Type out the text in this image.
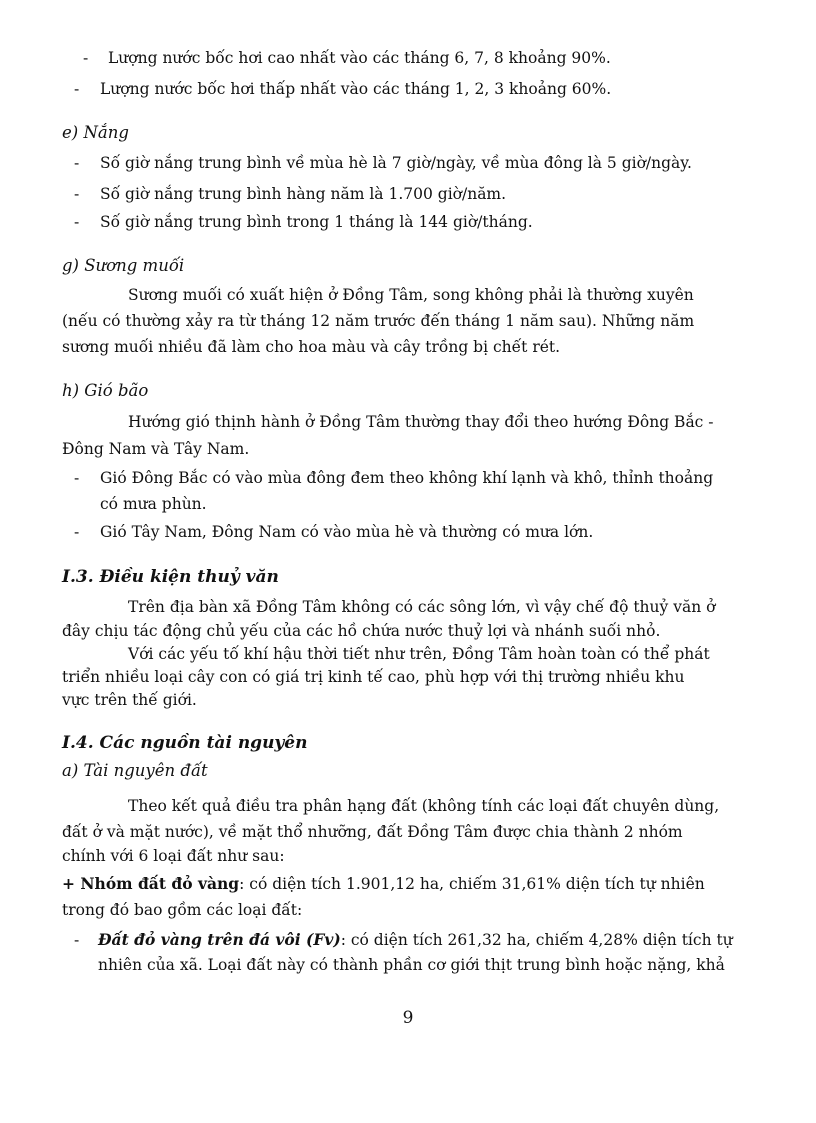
- Lượng nước bốc hơi cao nhất vào các tháng 6, 7, 8 khoảng 90%.
- Lượng nước bốc hơi thấp nhất vào các tháng 1, 2, 3 khoảng 60%.
e) Nắng
- Số giờ nắng trung bình về mùa hè là 7 giờ/ngày, về mùa đông là 5 giờ/ngày.
- Số giờ nắng trung bình hàng năm là 1.700 giờ/năm.
- Số giờ nắng trung bình trong 1 tháng là 144 giờ/tháng.
g) Sương muối
Sương muối có xuất hiện ở Đồng Tâm, song không phải là thường xuyên
(nếu có thường xảy ra từ tháng 12 năm trước đến tháng 1 năm sau). Những năm
sương muối nhiều đã làm cho hoa màu và cây trồng bị chết rét.
h) Gió bão
Hướng gió thịnh hành ở Đồng Tâm thường thay đổi theo hướng Đông Bắc -
Đông Nam và Tây Nam.
- Gió Đông Bắc có vào mùa đông đem theo không khí lạnh và khô, thỉnh thoảng
có mưa phùn.
- Gió Tây Nam, Đông Nam có vào mùa hè và thường có mưa lớn.
I.3. Điều kiện thuỷ văn
Trên địa bàn xã Đồng Tâm không có các sông lớn, vì vậy chế độ thuỷ văn ở
đây chịu tác động chủ yếu của các hồ chứa nước thuỷ lợi và nhánh suối nhỏ.
Với các yếu tố khí hậu thời tiết như trên, Đồng Tâm hoàn toàn có thể phát
triển nhiều loại cây con có giá trị kinh tế cao, phù hợp với thị trường nhiều khu
vực trên thế giới.
I.4. Các nguồn tài nguyên
a) Tài nguyên đất
Theo kết quả điều tra phân hạng đất (không tính các loại đất chuyên dùng,
đất ở và mặt nước), về mặt thổ nhưỡng, đất Đồng Tâm được chia thành 2 nhóm
chính với 6 loại đất như sau:
+ Nhóm đất đỏ vàng: có diện tích 1.901,12 ha, chiếm 31,61% diện tích tự nhiên
trong đó bao gồm các loại đất:
- Đất đỏ vàng trên đá vôi (Fv): có diện tích 261,32 ha, chiếm 4,28% diện tích tự
nhiên của xã. Loại đất này có thành phần cơ giới thịt trung bình hoặc nặng, khả
9
